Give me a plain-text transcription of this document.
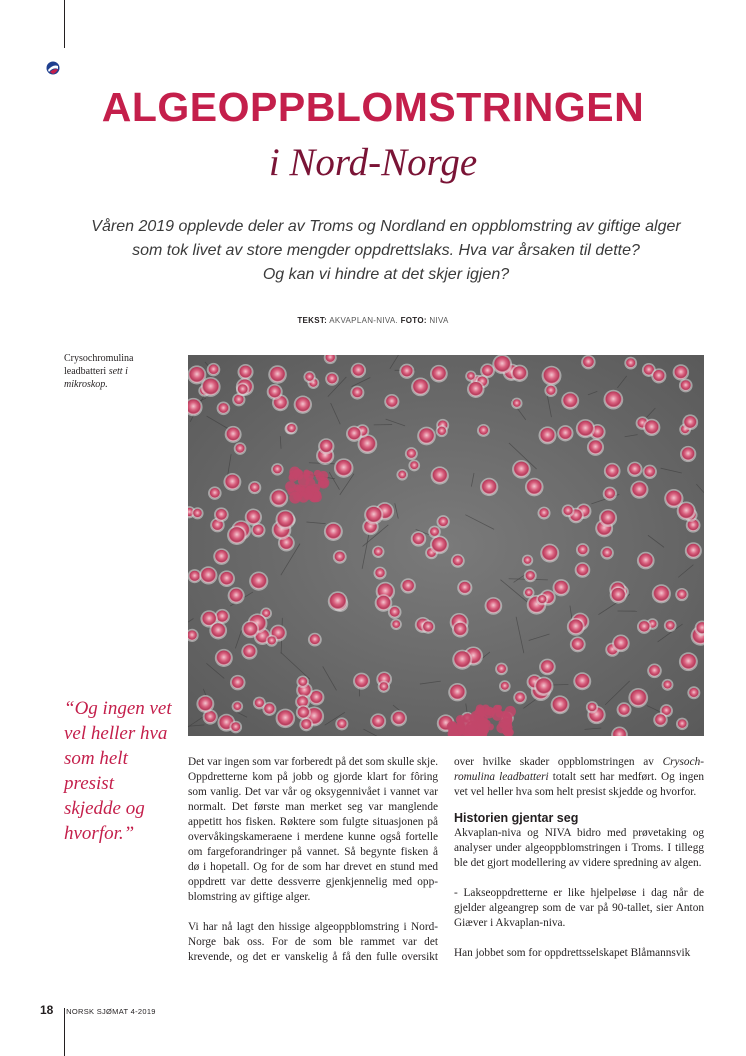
ALGEOPPBLOMSTRINGEN
i Nord-Norge

Våren 2019 opplevde deler av Troms og Nordland en oppblomstring av giftige alger
som tok livet av store mengder oppdrettslaks. Hva var årsaken til dette?
Og kan vi hindre at det skjer igjen?

TEKST: AKVAPLAN-NIVA. FOTO: NIVA
Crysochromulina
leadbatteri sett i
mikroskop.
“Og ingen vet
vel heller hva
som helt presist
skjedde og
hvorfor.”

Det var ingen som var forberedt på det som skulle skje.
Oppdretterne kom på jobb og gjorde klart for fôring
som vanlig. Det var vår og oksygennivået i vannet var
normalt. Det første man merket seg var manglende
appetitt hos fisken. Røktere som fulgte situasjonen på
overvåkingskameraene i merdene kunne også fortelle
om fargeforandringer på vannet. Så begynte fisken å
dø i hopetall. Og for de som har drevet en stund med
oppdrett var dette dessverre gjenkjennelig med opp-
blomstring av giftige alger.

Vi har nå lagt den hissige algeoppblomstring i Nord-
Norge bak oss. For de som ble rammet var det
krevende, og det er vanskelig å få den fulle oversikt

over hvilke skader oppblomstringen av Crysoch-
romulina leadbatteri totalt sett har medført. Og ingen
vet vel heller hva som helt presist skjedde og hvorfor.

Historien gjentar seg

Akvaplan-niva og NIVA bidro med prøvetaking og
analyser under algeoppblomstringen i Troms. I tillegg
ble det gjort modellering av videre spredning av algen.

- Lakseoppdretterne er like hjelpeløse i dag når de
gjelder algeangrep som de var på 90-tallet, sier Anton
Giæver i Akvaplan-niva.

Han jobbet som for oppdrettsselskapet Blåmannsvik

18 NORSK SJØMAT 4-2019
